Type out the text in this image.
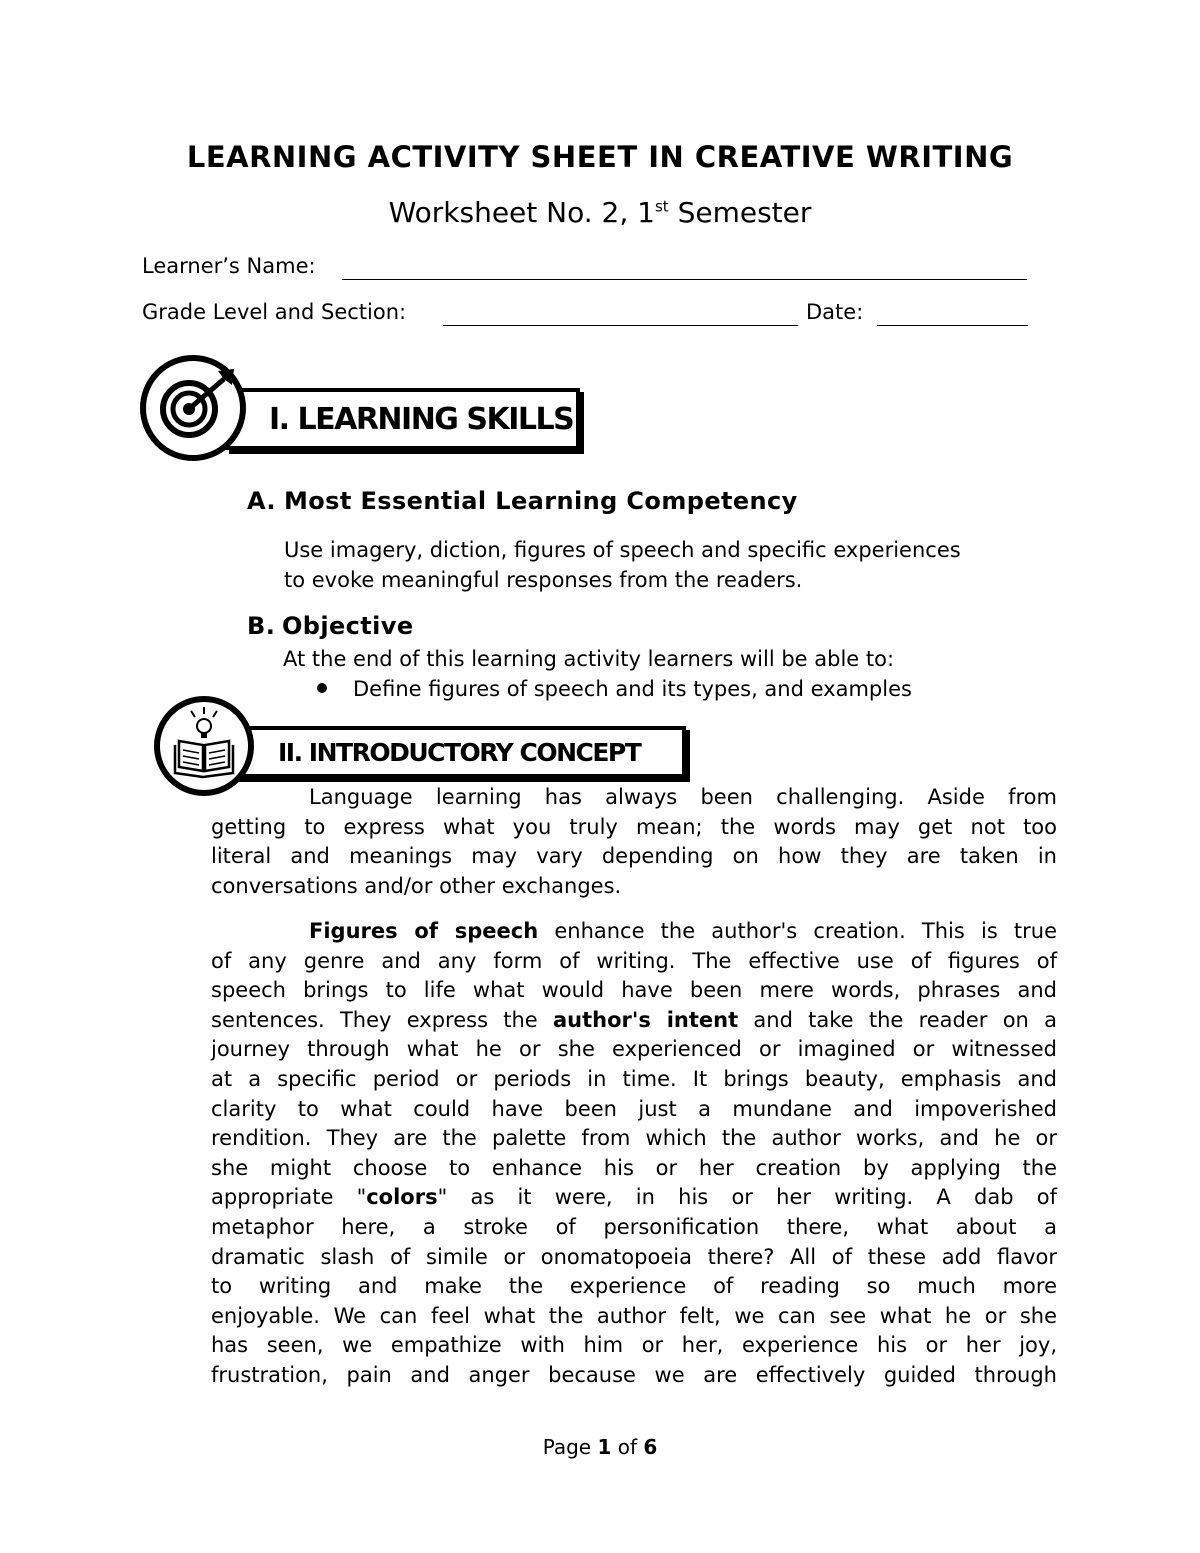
LEARNING ACTIVITY SHEET IN CREATIVE WRITING
Worksheet No. 2, 1st Semester
Learner’s Name:
Grade Level and Section:	Date:
I. LEARNING SKILLS
A. Most Essential Learning Competency
Use imagery, diction, figures of speech and specific experiences
to evoke meaningful responses from the readers.
B. Objective
At the end of this learning activity learners will be able to:
Define figures of speech and its types, and examples
II. INTRODUCTORY CONCEPT
Language learning has always been challenging. Aside from
getting to express what you truly mean; the words may get not too
literal and meanings may vary depending on how they are taken in
conversations and/or other exchanges.
Figures of speech enhance the author's creation. This is true
of any genre and any form of writing. The effective use of figures of
speech brings to life what would have been mere words, phrases and
sentences. They express the author's intent and take the reader on a
journey through what he or she experienced or imagined or witnessed
at a specific period or periods in time. It brings beauty, emphasis and
clarity to what could have been just a mundane and impoverished
rendition. They are the palette from which the author works, and he or
she might choose to enhance his or her creation by applying the
appropriate "colors" as it were, in his or her writing. A dab of
metaphor here, a stroke of personification there, what about a
dramatic slash of simile or onomatopoeia there? All of these add flavor
to writing and make the experience of reading so much more
enjoyable. We can feel what the author felt, we can see what he or she
has seen, we empathize with him or her, experience his or her joy,
frustration, pain and anger because we are effectively guided through
Page 1 of 6
